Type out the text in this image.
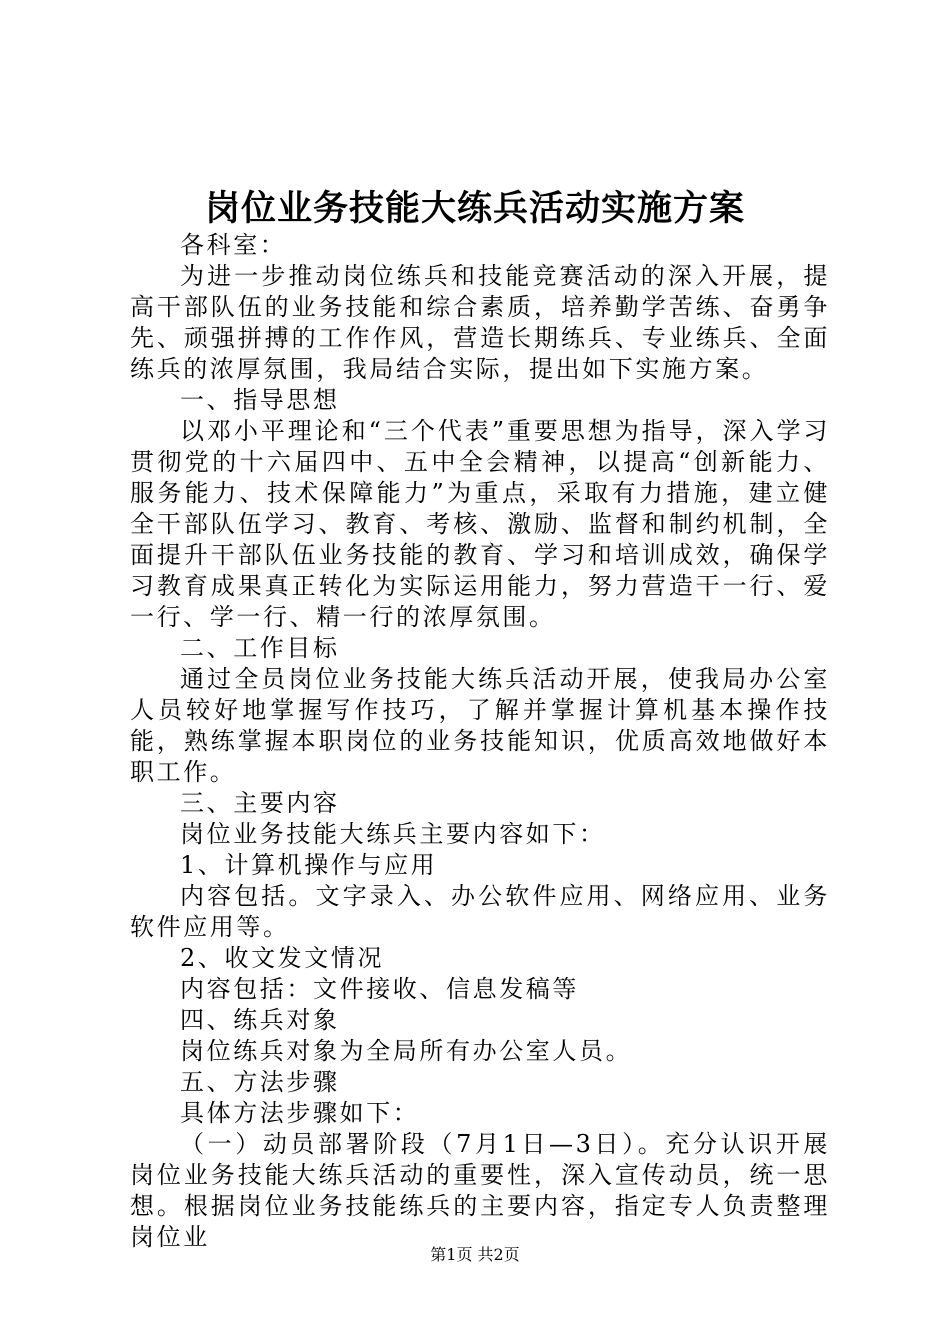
岗位业务技能大练兵活动实施方案

各科室：

为进一步推动岗位练兵和技能竞赛活动的深入开展，提高干部队伍的业务技能和综合素质，培养勤学苦练、奋勇争先、顽强拼搏的工作作风，营造长期练兵、专业练兵、全面练兵的浓厚氛围，我局结合实际，提出如下实施方案。

一、指导思想

以邓小平理论和“三个代表”重要思想为指导，深入学习贯彻党的十六届四中、五中全会精神，以提高“创新能力、服务能力、技术保障能力”为重点，采取有力措施，建立健全干部队伍学习、教育、考核、激励、监督和制约机制，全面提升干部队伍业务技能的教育、学习和培训成效，确保学习教育成果真正转化为实际运用能力，努力营造干一行、爱一行、学一行、精一行的浓厚氛围。

二、工作目标

通过全员岗位业务技能大练兵活动开展，使我局办公室人员较好地掌握写作技巧，了解并掌握计算机基本操作技能，熟练掌握本职岗位的业务技能知识，优质高效地做好本职工作。

三、主要内容

岗位业务技能大练兵主要内容如下：

1、计算机操作与应用

内容包括。文字录入、办公软件应用、网络应用、业务软件应用等。

2、收文发文情况

内容包括：文件接收、信息发稿等

四、练兵对象

岗位练兵对象为全局所有办公室人员。

五、方法步骤

具体方法步骤如下：

（一）动员部署阶段（7月1日—3日）。充分认识开展岗位业务技能大练兵活动的重要性，深入宣传动员，统一思想。根据岗位业务技能练兵的主要内容，指定专人负责整理岗位业

第1页 共2页
